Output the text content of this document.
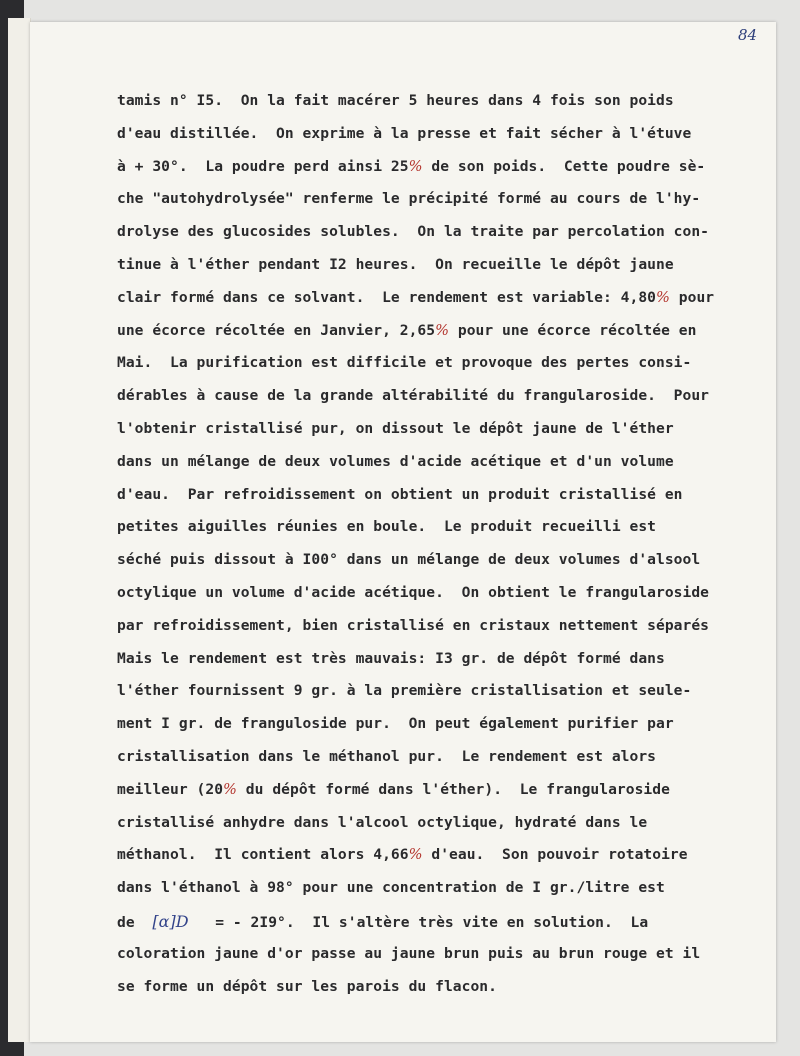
84
tamis n° I5.  On la fait macérer 5 heures dans 4 fois son poids
d'eau distillée.  On exprime à la presse et fait sécher à l'étuve
à + 30°.  La poudre perd ainsi 25% de son poids.  Cette poudre sè-
che "autohydrolysée" renferme le précipité formé au cours de l'hy-
drolyse des glucosides solubles.  On la traite par percolation con-
tinue à l'éther pendant I2 heures.  On recueille le dépôt jaune
clair formé dans ce solvant.  Le rendement est variable: 4,80% pour
une écorce récoltée en Janvier, 2,65% pour une écorce récoltée en
Mai.  La purification est difficile et provoque des pertes consi-
dérables à cause de la grande altérabilité du frangularoside.  Pour
l'obtenir cristallisé pur, on dissout le dépôt jaune de l'éther
dans un mélange de deux volumes d'acide acétique et d'un volume
d'eau.  Par refroidissement on obtient un produit cristallisé en
petites aiguilles réunies en boule.  Le produit recueilli est
séché puis dissout à I00° dans un mélange de deux volumes d'alsool
octylique un volume d'acide acétique.  On obtient le frangularoside
par refroidissement, bien cristallisé en cristaux nettement séparés
Mais le rendement est très mauvais: I3 gr. de dépôt formé dans
l'éther fournissent 9 gr. à la première cristallisation et seule-
ment I gr. de franguloside pur.  On peut également purifier par
cristallisation dans le méthanol pur.  Le rendement est alors
meilleur (20% du dépôt formé dans l'éther).  Le frangularoside
cristallisé anhydre dans l'alcool octylique, hydraté dans le
méthanol.  Il contient alors 4,66% d'eau.  Son pouvoir rotatoire
dans l'éthanol à 98° pour une concentration de I gr./litre est
de  [α]D   = - 2I9°.  Il s'altère très vite en solution.  La
coloration jaune d'or passe au jaune brun puis au brun rouge et il
se forme un dépôt sur les parois du flacon.
